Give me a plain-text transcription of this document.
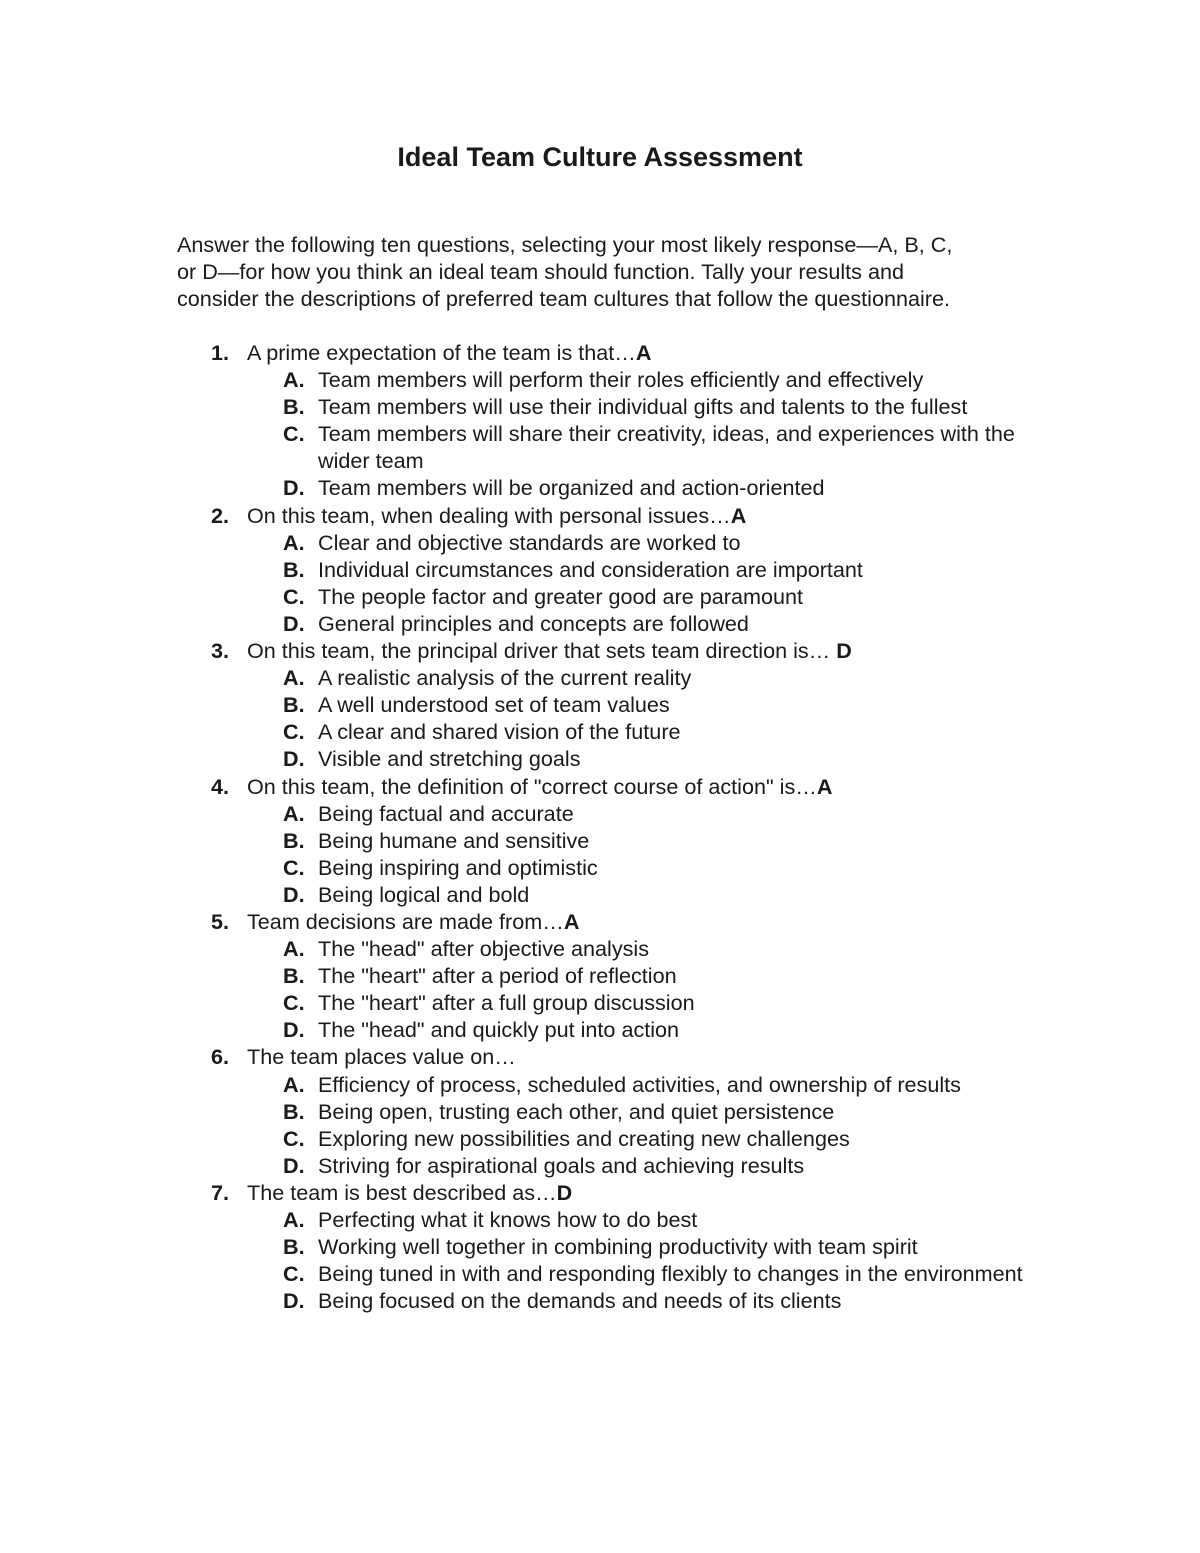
Ideal Team Culture Assessment

Answer the following ten questions, selecting your most likely response—A, B, C,
or D—for how you think an ideal team should function. Tally your results and
consider the descriptions of preferred team cultures that follow the questionnaire.

1. A prime expectation of the team is that…A
A. Team members will perform their roles efficiently and effectively
B. Team members will use their individual gifts and talents to the fullest
C. Team members will share their creativity, ideas, and experiences with the wider team
D. Team members will be organized and action-oriented
2. On this team, when dealing with personal issues…A
A. Clear and objective standards are worked to
B. Individual circumstances and consideration are important
C. The people factor and greater good are paramount
D. General principles and concepts are followed
3. On this team, the principal driver that sets team direction is… D
A. A realistic analysis of the current reality
B. A well understood set of team values
C. A clear and shared vision of the future
D. Visible and stretching goals
4. On this team, the definition of "correct course of action" is…A
A. Being factual and accurate
B. Being humane and sensitive
C. Being inspiring and optimistic
D. Being logical and bold
5. Team decisions are made from…A
A. The "head" after objective analysis
B. The "heart" after a period of reflection
C. The "heart" after a full group discussion
D. The "head" and quickly put into action
6. The team places value on…
A. Efficiency of process, scheduled activities, and ownership of results
B. Being open, trusting each other, and quiet persistence
C. Exploring new possibilities and creating new challenges
D. Striving for aspirational goals and achieving results
7. The team is best described as…D
A. Perfecting what it knows how to do best
B. Working well together in combining productivity with team spirit
C. Being tuned in with and responding flexibly to changes in the environment
D. Being focused on the demands and needs of its clients
